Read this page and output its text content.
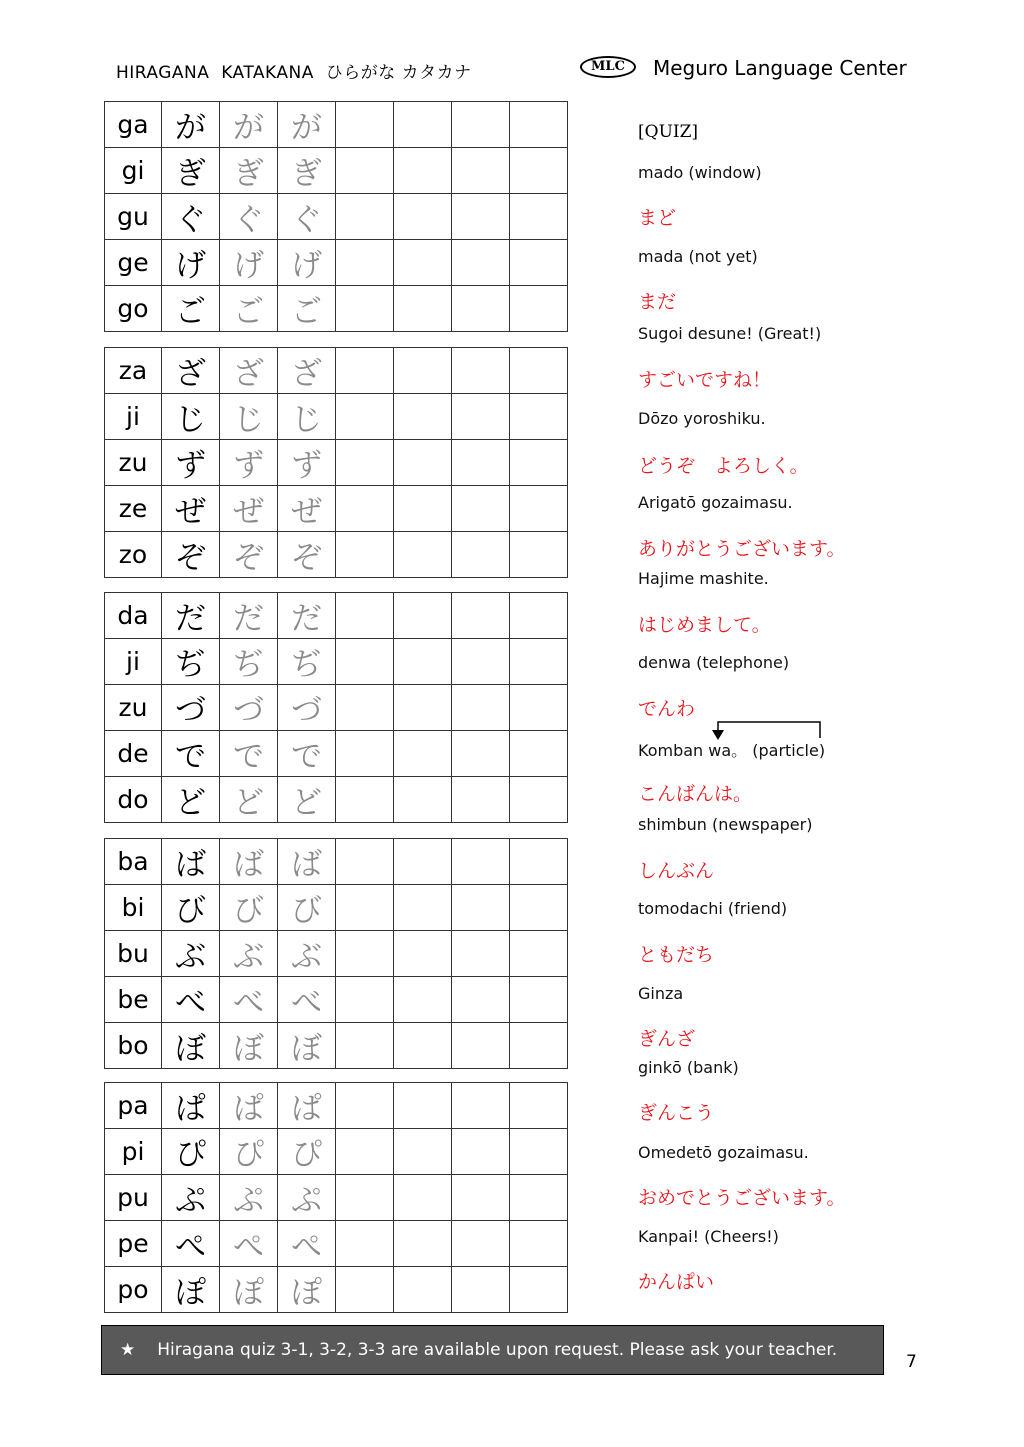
HIRAGANA  KATAKANA  ひらがな カタカナ	MLC	Meguro Language Center
ga	が	が	が				
gi	ぎ	ぎ	ぎ				
gu	ぐ	ぐ	ぐ				
ge	げ	げ	げ				
go	ご	ご	ご				
za	ざ	ざ	ざ				
ji	じ	じ	じ				
zu	ず	ず	ず				
ze	ぜ	ぜ	ぜ				
zo	ぞ	ぞ	ぞ				
da	だ	だ	だ				
ji	ぢ	ぢ	ぢ				
zu	づ	づ	づ				
de	で	で	で				
do	ど	ど	ど				
ba	ば	ば	ば				
bi	び	び	び				
bu	ぶ	ぶ	ぶ				
be	べ	べ	べ				
bo	ぼ	ぼ	ぼ				
pa	ぱ	ぱ	ぱ				
pi	ぴ	ぴ	ぴ				
pu	ぷ	ぷ	ぷ				
pe	ぺ	ぺ	ぺ				
po	ぽ	ぽ	ぽ				
[QUIZ]
mado (window)
まど
mada (not yet)
まだ
Sugoi desune! (Great!)
すごいですね！
Dōzo yoroshiku.
どうぞ　よろしく。
Arigatō gozaimasu.
ありがとうございます。
Hajime mashite.
はじめまして。
denwa (telephone)
でんわ
Komban wa。 (particle)
こんばんは。
shimbun (newspaper)
しんぶん
tomodachi (friend)
ともだち
Ginza
ぎんざ
ginkō (bank)
ぎんこう
Omedetō gozaimasu.
おめでとうございます。
Kanpai! (Cheers!)
かんぱい
★ Hiragana quiz 3-1, 3-2, 3-3 are available upon request. Please ask your teacher.
7
